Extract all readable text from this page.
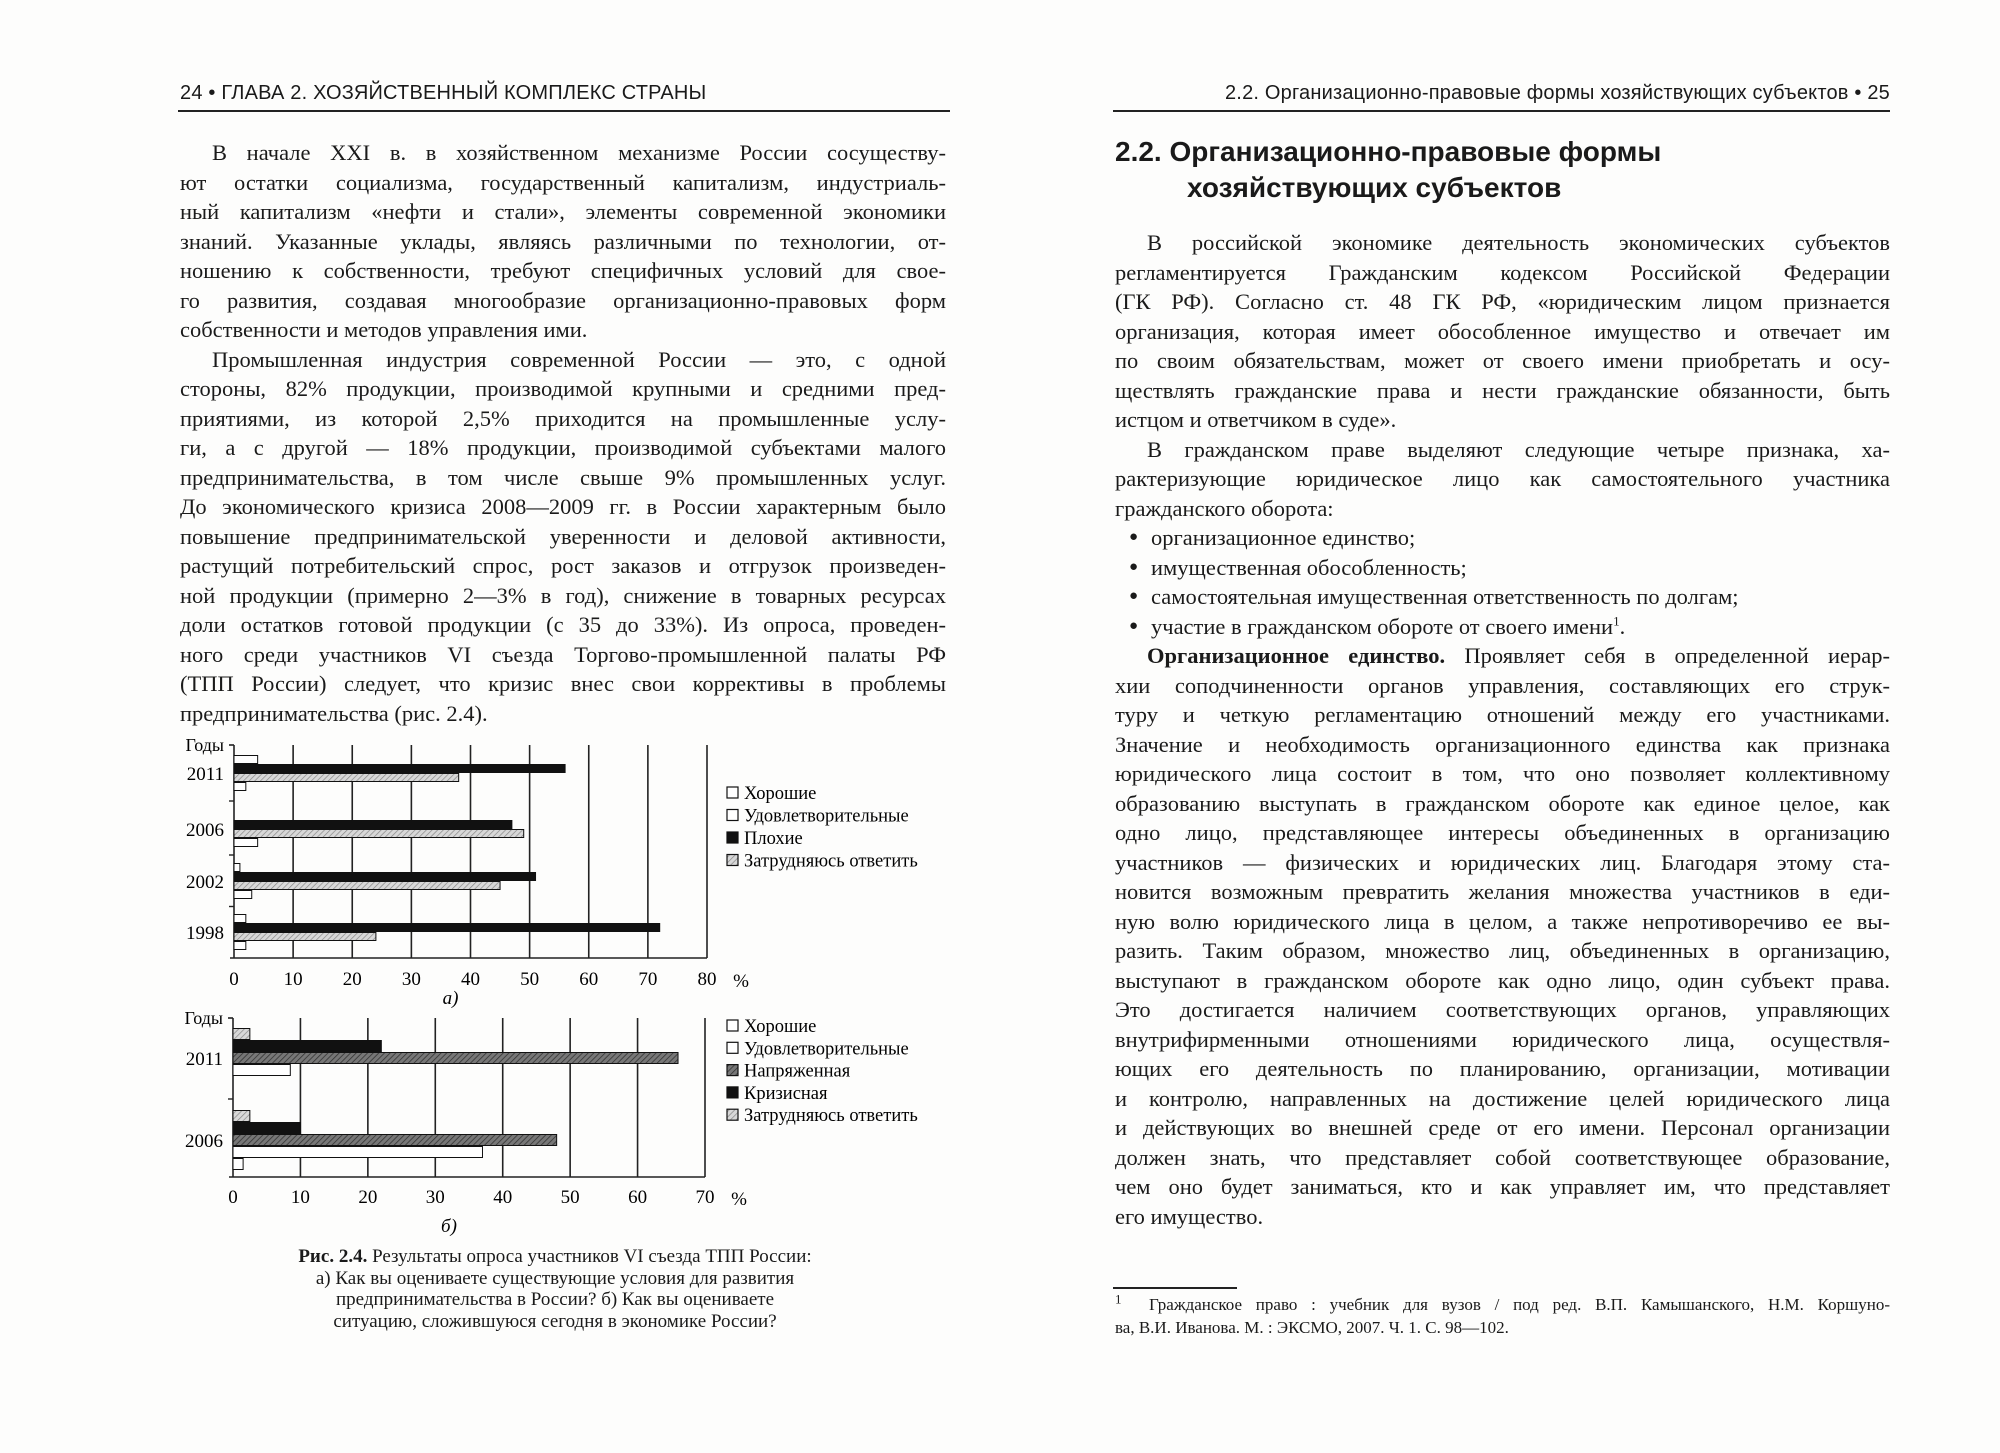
24 • ГЛАВА 2. ХОЗЯЙСТВЕННЫЙ КОМПЛЕКС СТРАНЫ	2.2. Организационно-правовые формы хозяйствующих субъектов • 25
В начале XXI в. в хозяйственном механизме России сосуществу-
ют остатки социализма, государственный капитализм, индустриаль-
ный капитализм «нефти и стали», элементы современной экономики
знаний. Указанные уклады, являясь различными по технологии, от-
ношению к собственности, требуют специфичных условий для свое-
го развития, создавая многообразие организационно-правовых форм
собственности и методов управления ими.
Промышленная индустрия современной России — это, с одной
стороны, 82% продукции, производимой крупными и средними пред-
приятиями, из которой 2,5% приходится на промышленные услу-
ги, а с другой — 18% продукции, производимой субъектами малого
предпринимательства, в том числе свыше 9% промышленных услуг.
До экономического кризиса 2008—2009 гг. в России характерным было
повышение предпринимательской уверенности и деловой активности,
растущий потребительский спрос, рост заказов и отгрузок произведен-
ной продукции (примерно 2—3% в год), снижение в товарных ресурсах
доли остатков готовой продукции (с 35 до 33%). Из опроса, проведен-
ного среди участников VI съезда Торгово-промышленной палаты РФ
(ТПП России) следует, что кризис внес свои коррективы в проблемы
предпринимательства (рис. 2.4).
0 10 20 30 40 50 60 70 80 %
а)
Годы
2011
2006
2002
1998
Хорошие
Удовлетворительные
Плохие
Затрудняюсь ответить
0	10	20	30	40	50	60	70 %
б)
Годы
2011
2006
Хорошие
Удовлетворительные
Напряженная
Кризисная
Затрудняюсь ответить
Рис. 2.4. Результаты опроса участников VI съезда ТПП России:
а) Как вы оцениваете существующие условия для развития
предпринимательства в России? б) Как вы оцениваете
ситуацию, сложившуюся сегодня в экономике России?
2.2. Организационно-правовые формы
хозяйствующих субъектов
В российской экономике деятельность экономических субъектов
регламентируется Гражданским кодексом Российской Федерации
(ГК РФ). Согласно ст. 48 ГК РФ, «юридическим лицом признается
организация, которая имеет обособленное имущество и отвечает им
по своим обязательствам, может от своего имени приобретать и осу-
ществлять гражданские права и нести гражданские обязанности, быть
истцом и ответчиком в суде».
В гражданском праве выделяют следующие четыре признака, ха-
рактеризующие юридическое лицо как самостоятельного участника
гражданского оборота:
● организационное единство;
● имущественная обособленность;
● самостоятельная имущественная ответственность по долгам;
● участие в гражданском обороте от своего имени$^1$.
Организационное единство. Проявляет себя в определенной иерар-
хии соподчиненности органов управления, составляющих его струк-
туру и четкую регламентацию отношений между его участниками.
Значение и необходимость организационного единства как признака
юридического лица состоит в том, что оно позволяет коллективному
образованию выступать в гражданском обороте как единое целое, как
одно лицо, представляющее интересы объединенных в организацию
участников — физических и юридических лиц. Благодаря этому ста-
новится возможным превратить желания множества участников в еди-
ную волю юридического лица в целом, а также непротиворечиво ее вы-
разить. Таким образом, множество лиц, объединенных в организацию,
выступают в гражданском обороте как одно лицо, один субъект права.
Это достигается наличием соответствующих органов, управляющих
внутрифирменными отношениями юридического лица, осуществля-
ющих его деятельность по планированию, организации, мотивации
и контролю, направленных на достижение целей юридического лица
и действующих во внешней среде от его имени. Персонал организации
должен знать, что представляет собой соответствующее образование,
чем оно будет заниматься, кто и как управляет им, что представляет
его имущество.
$^1$ Гражданское право : учебник для вузов / под ред. В.П. Камышанского, Н.М. Коршуно-
ва, В.И. Иванова. М. : ЭКСМО, 2007. Ч. 1. С. 98—102.
